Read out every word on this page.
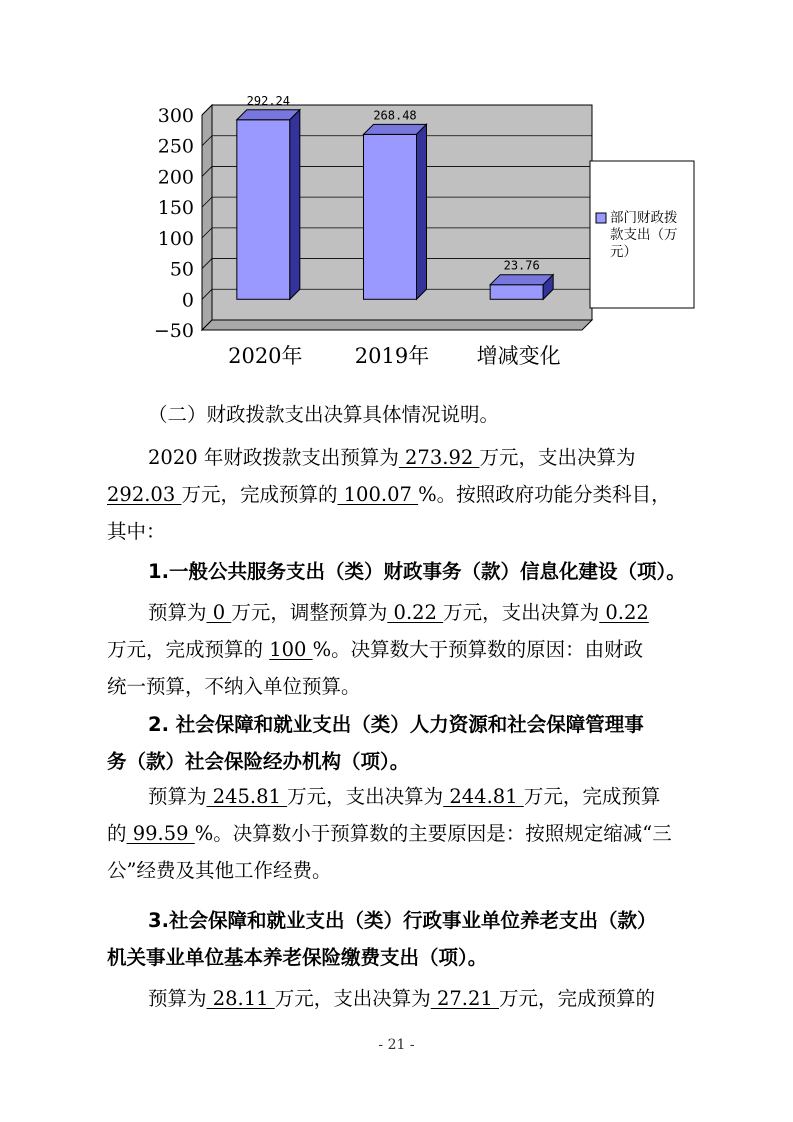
300
250
200
150
100
50
0
−50
292.24
268.48
23.76
2020年 2019年 增减变化
部门财政拨
款支出（万
元）
（二）财政拨款支出决算具体情况说明。
2020 年财政拨款支出预算为 273.92 万元，支出决算为
292.03 万元，完成预算的 100.07 %。按照政府功能分类科目，
其中：
1.一般公共服务支出（类）财政事务（款）信息化建设（项）。
预算为 0 万元，调整预算为 0.22 万元，支出决算为 0.22
万元，完成预算的 100 %。决算数大于预算数的原因：由财政
统一预算，不纳入单位预算。
2. 社会保障和就业支出（类）人力资源和社会保障管理事
务（款）社会保险经办机构（项）。
预算为 245.81 万元，支出决算为 244.81 万元，完成预算
的 99.59 %。决算数小于预算数的主要原因是：按照规定缩减“三
公”经费及其他工作经费。
3.社会保障和就业支出（类）行政事业单位养老支出（款）
机关事业单位基本养老保险缴费支出（项）。
预算为 28.11 万元，支出决算为 27.21 万元，完成预算的
- 21 -
